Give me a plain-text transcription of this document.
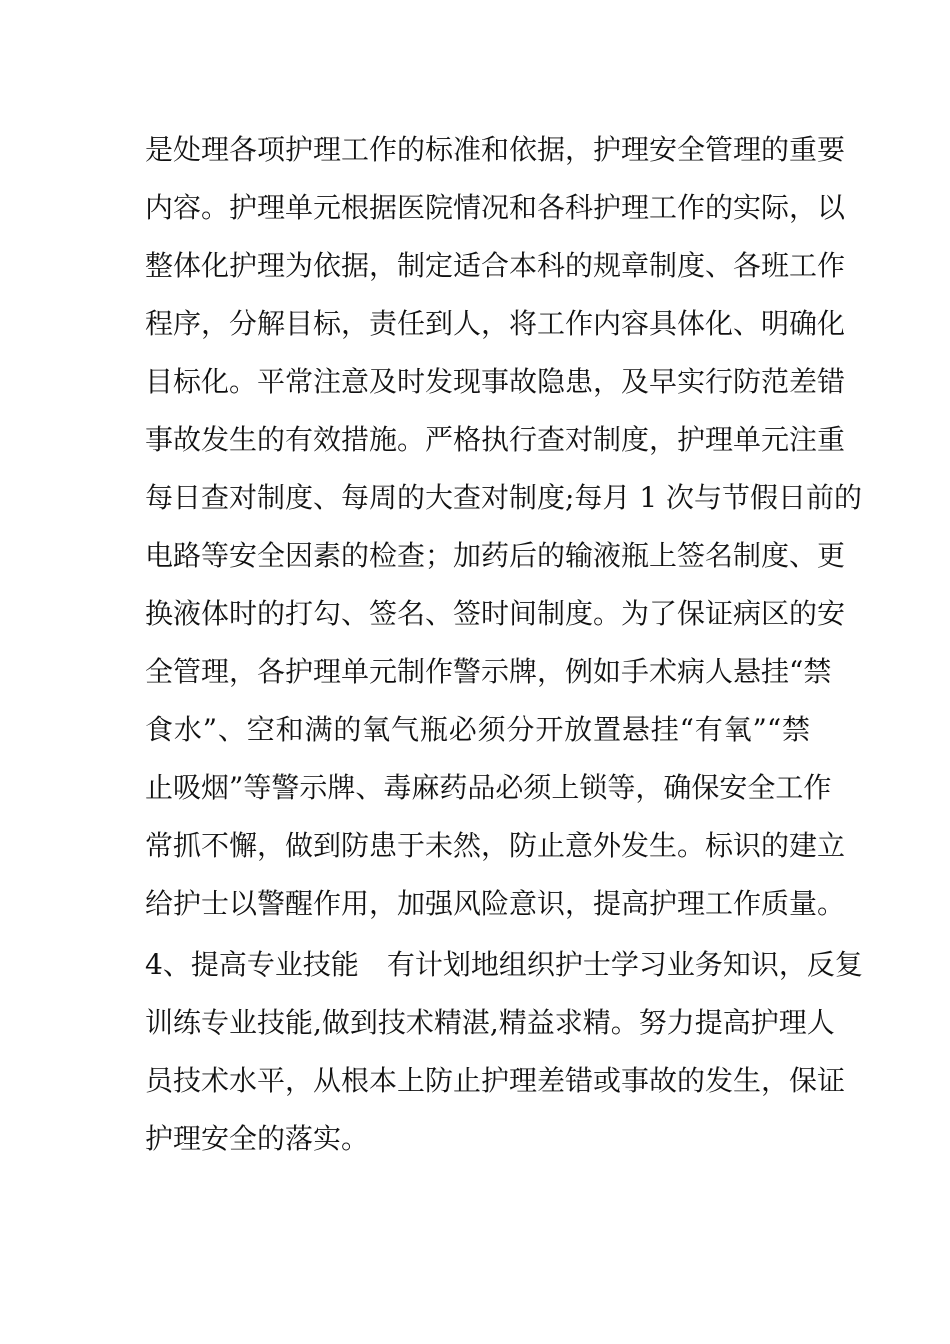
是处理各项护理工作的标准和依据，护理安全管理的重要
内容。护理单元根据医院情况和各科护理工作的实际，以
整体化护理为依据，制定适合本科的规章制度、各班工作
程序，分解目标，责任到人，将工作内容具体化、明确化
目标化。平常注意及时发现事故隐患，及早实行防范差错
事故发生的有效措施。严格执行查对制度，护理单元注重
每日查对制度、每周的大查对制度;每月 1 次与节假日前的
电路等安全因素的检查；加药后的输液瓶上签名制度、更
换液体时的打勾、签名、签时间制度。为了保证病区的安
全管理，各护理单元制作警示牌，例如手术病人悬挂“禁
食水”、空和满的氧气瓶必须分开放置悬挂“有氧”“禁
止吸烟”等警示牌、毒麻药品必须上锁等，确保安全工作
常抓不懈，做到防患于未然，防止意外发生。标识的建立
给护士以警醒作用，加强风险意识，提高护理工作质量。
4、提高专业技能　有计划地组织护士学习业务知识，反复
训练专业技能,做到技术精湛,精益求精。努力提高护理人
员技术水平，从根本上防止护理差错或事故的发生，保证
护理安全的落实。
